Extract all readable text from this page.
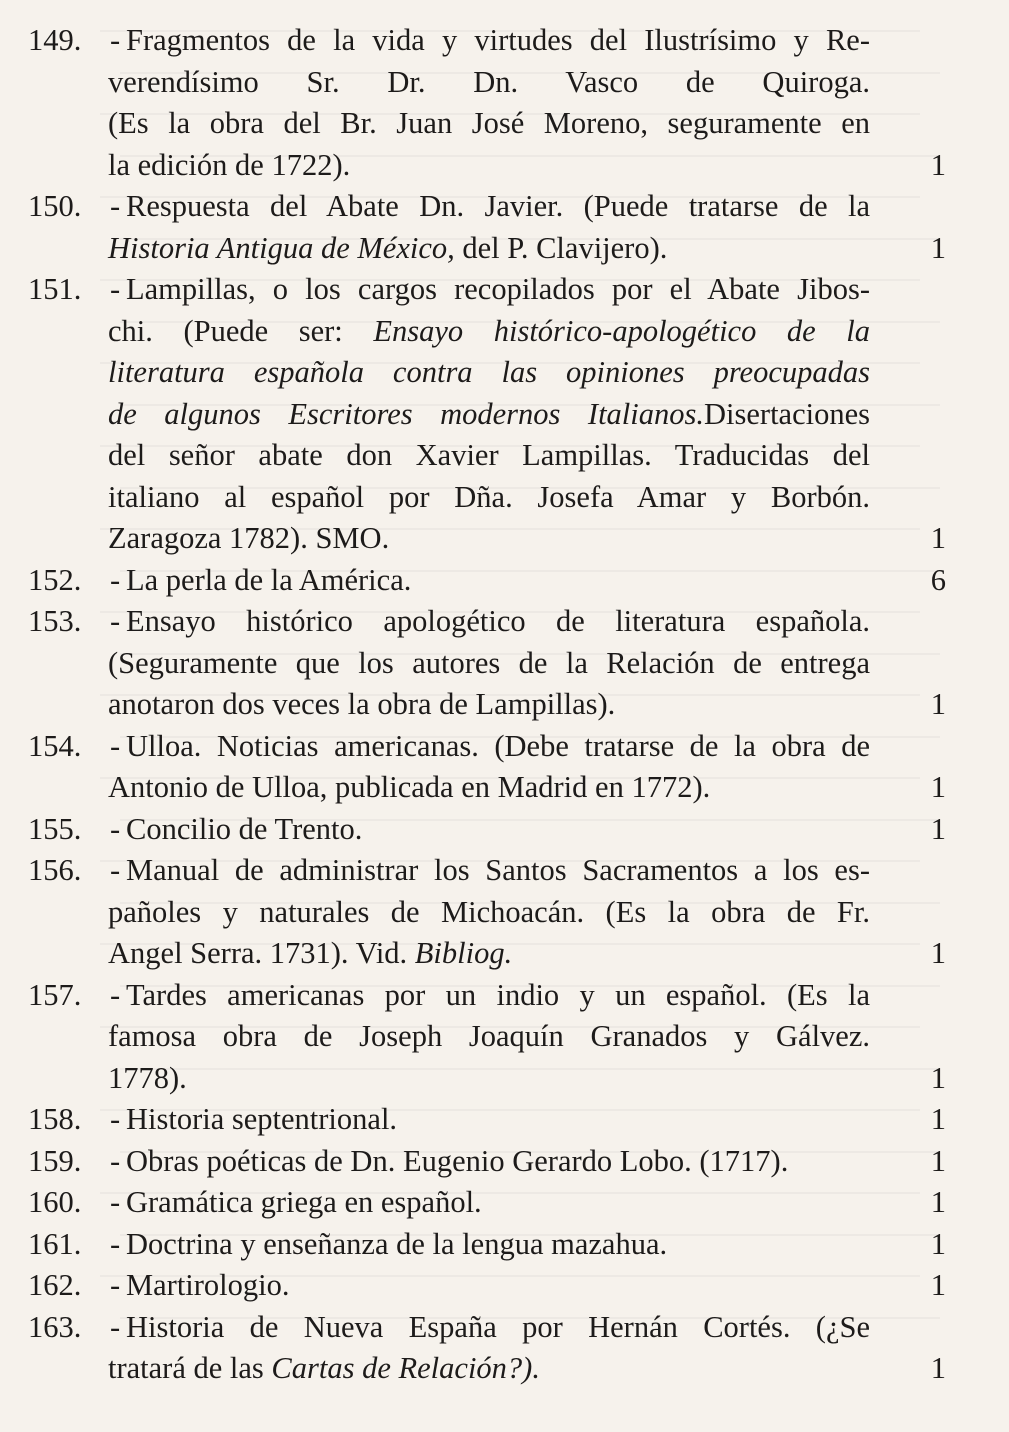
149. - Fragmentos de la vida y virtudes del Ilustrísimo y Re-
verendísimo Sr. Dr. Dn. Vasco de Quiroga.
(Es la obra del Br. Juan José Moreno, seguramente en
la edición de 1722).	1
150. - Respuesta del Abate Dn. Javier. (Puede tratarse de la
Historia Antigua de México, del P. Clavijero).	1
151. - Lampillas, o los cargos recopilados por el Abate Jibos-
chi. (Puede ser: Ensayo histórico-apologético de la
literatura española contra las opiniones preocupadas
de algunos Escritores modernos Italianos.Disertaciones
del señor abate don Xavier Lampillas. Traducidas del
italiano al español por Dña. Josefa Amar y Borbón.
Zaragoza 1782). SMO.	1
152. - La perla de la América.	6
153. - Ensayo histórico apologético de literatura española.
(Seguramente que los autores de la Relación de entrega
anotaron dos veces la obra de Lampillas).	1
154. - Ulloa. Noticias americanas. (Debe tratarse de la obra de
Antonio de Ulloa, publicada en Madrid en 1772).	1
155. - Concilio de Trento.	1
156. - Manual de administrar los Santos Sacramentos a los es-
pañoles y naturales de Michoacán. (Es la obra de Fr.
Angel Serra. 1731). Vid. Bibliog.	1
157. - Tardes americanas por un indio y un español. (Es la
famosa obra de Joseph Joaquín Granados y Gálvez.
1778).	1
158. - Historia septentrional.	1
159. - Obras poéticas de Dn. Eugenio Gerardo Lobo. (1717).	1
160. - Gramática griega en español.	1
161. - Doctrina y enseñanza de la lengua mazahua.	1
162. - Martirologio.	1
163. - Historia de Nueva España por Hernán Cortés. (¿Se
tratará de las Cartas de Relación?).	1
